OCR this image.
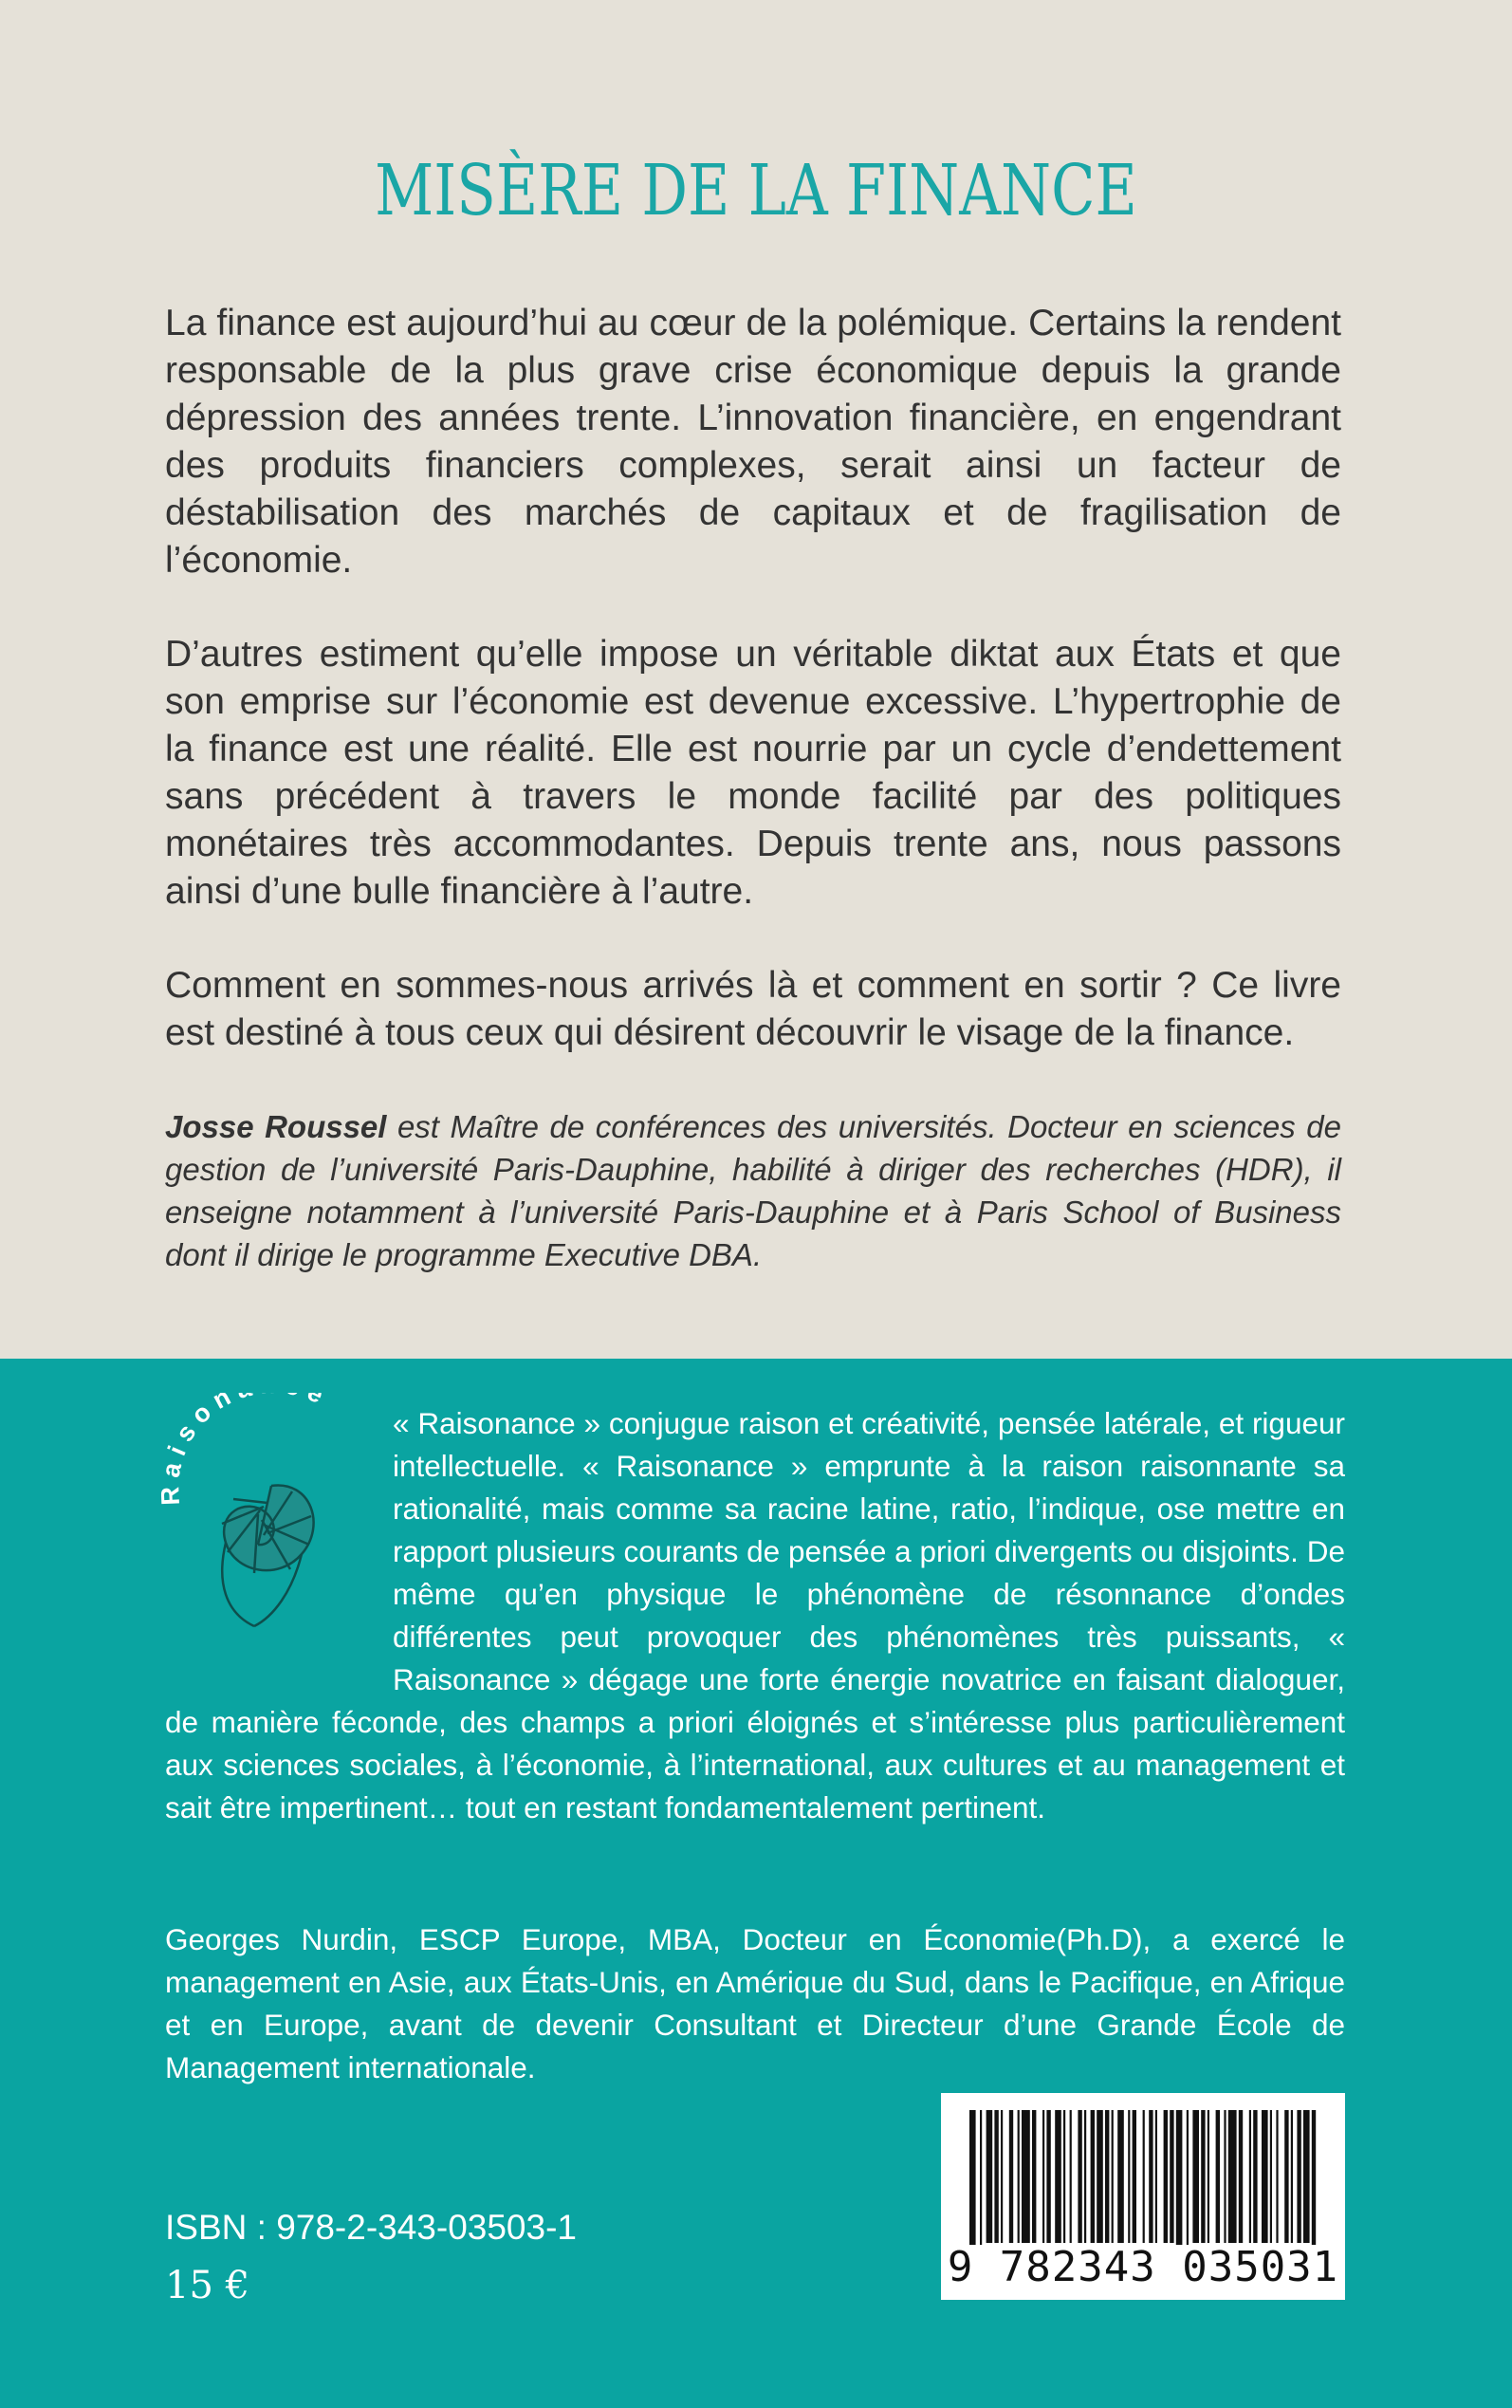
MISÈRE DE LA FINANCE

La finance est aujourd’hui au cœur de la polémique. Certains la rendent responsable de la plus grave crise économique depuis la grande dépression des années trente. L’innovation financière, en engendrant des produits financiers complexes, serait ainsi un facteur de déstabilisation des marchés de capitaux et de fragilisation de l’économie.

D’autres estiment qu’elle impose un véritable diktat aux États et que son emprise sur l’économie est devenue excessive. L’hypertrophie de la finance est une réalité. Elle est nourrie par un cycle d’endettement sans précédent à travers le monde facilité par des politiques monétaires très accommodantes. Depuis trente ans, nous passons ainsi d’une bulle financière à l’autre.

Comment en sommes-nous arrivés là et comment en sortir ? Ce livre est destiné à tous ceux qui désirent découvrir le visage de la finance.

Josse Roussel est Maître de conférences des universités. Docteur en sciences de gestion de l’université Paris-Dauphine, habilité à diriger des recherches (HDR), il enseigne notamment à l’université Paris-Dauphine et à Paris School of Business dont il dirige le programme Executive DBA.

aison e

« Raisonance » conjugue raison et créativité, pensée latérale, et rigueur intellectuelle. « Raisonance » emprunte à la raison raisonnante sa rationalité, mais comme sa racine latine, ratio, l’indique, ose mettre en rapport plusieurs courants de pensée a priori divergents ou disjoints. De même qu’en physique le phénomène de résonnance d’ondes différentes peut provoquer des phénomènes très puissants, « Raisonance » dégage une forte énergie novatrice en faisant dialoguer, de manière féconde, des champs a priori éloignés et s’intéresse plus particulièrement aux sciences sociales, à l’économie, à l’international, aux cultures et au management et sait être impertinent… tout en restant fondamentalement pertinent.

Georges Nurdin, ESCP Europe, MBA, Docteur en Économie(Ph.D), a exercé le management en Asie, aux États-Unis, en Amérique du Sud, dans le Pacifique, en Afrique et en Europe, avant de devenir Consultant et Directeur d’une Grande École de Management internationale.

ISBN : 978-2-343-03503-1
15 €	9 782343 035031
